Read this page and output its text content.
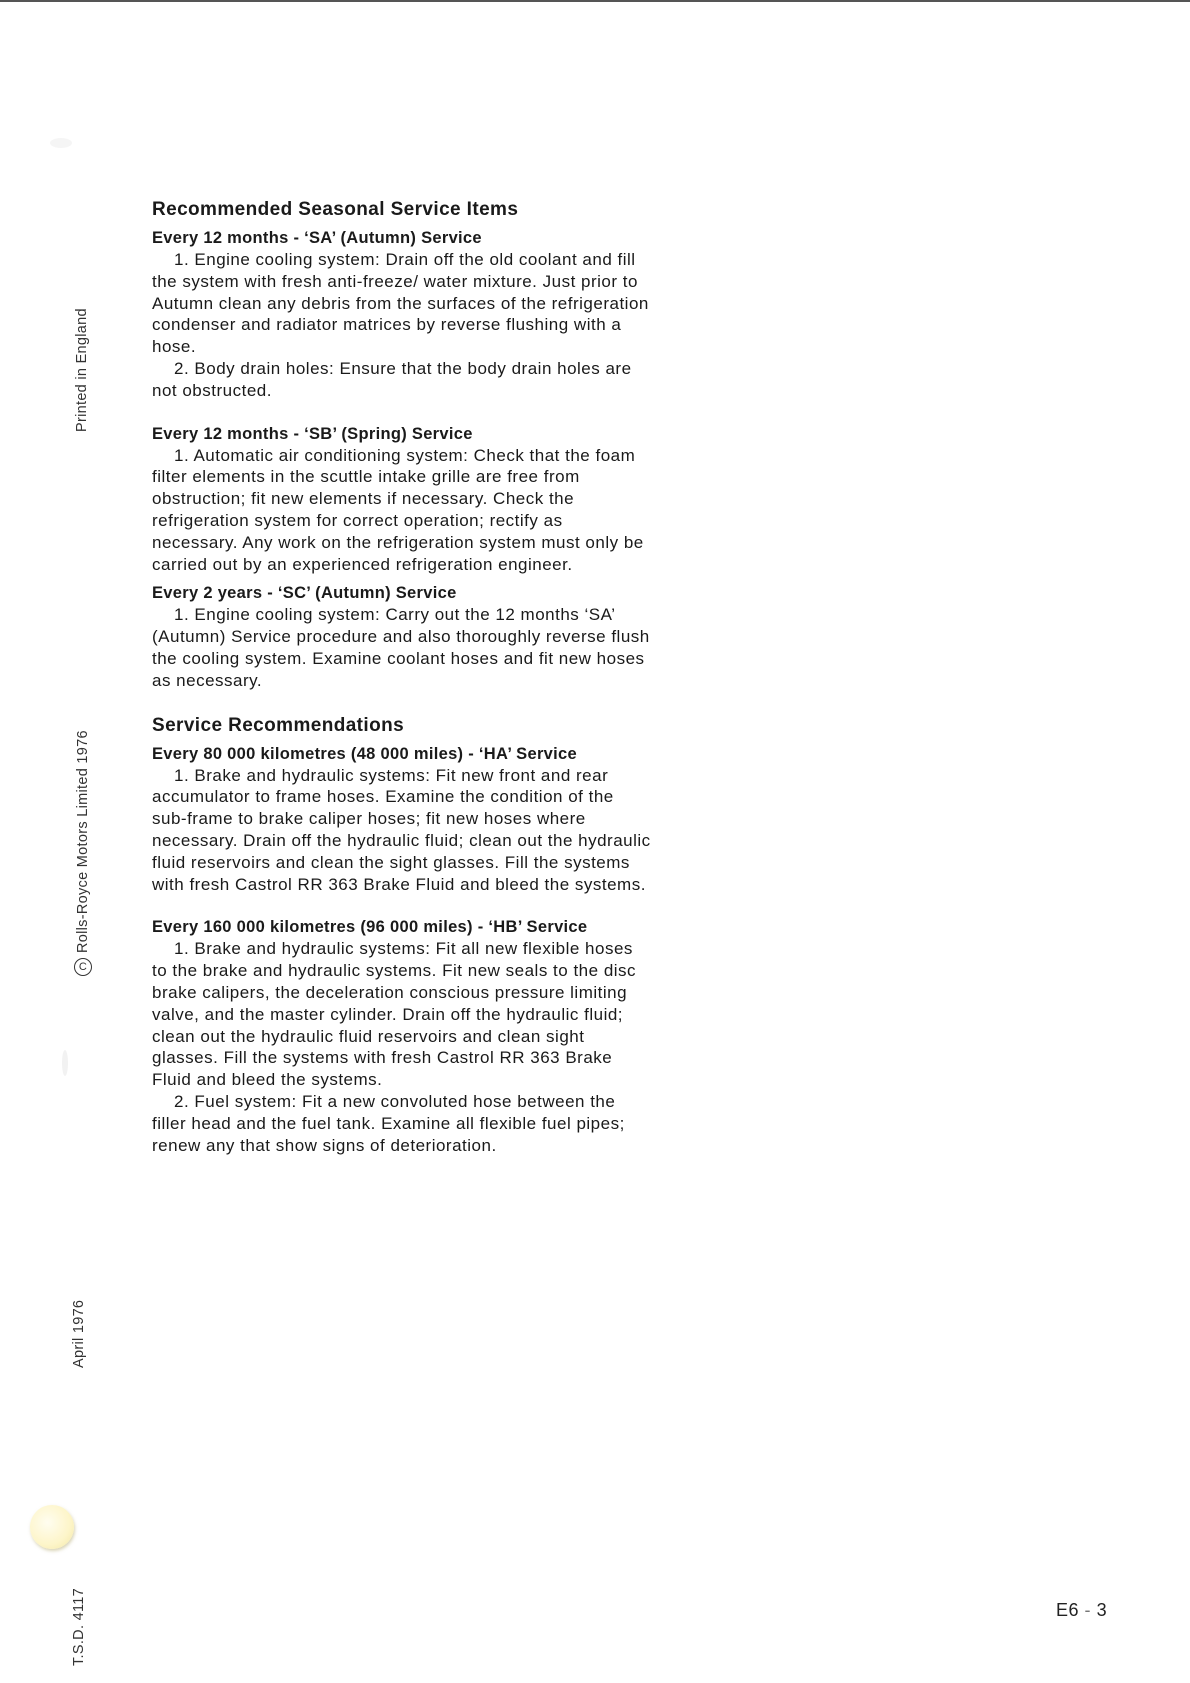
Printed in England
CRolls-Royce Motors Limited 1976
April 1976
T.S.D. 4117
Recommended Seasonal Service Items
Every 12 months - ‘SA’ (Autumn) Service

1. Engine cooling system: Drain off the old coolant and fill the system with fresh anti-freeze/ water mixture. Just prior to Autumn clean any debris from the surfaces of the refrigeration condenser and radiator matrices by reverse flushing with a hose.

2. Body drain holes: Ensure that the body drain holes are not obstructed.

Every 12 months - ‘SB’ (Spring) Service

1. Automatic air conditioning system: Check that the foam filter elements in the scuttle intake grille are free from obstruction; fit new elements if necessary. Check the refrigeration system for correct operation; rectify as necessary. Any work on the refrigeration system must only be carried out by an experienced refrigeration engineer.

Every 2 years - ‘SC’ (Autumn) Service

1. Engine cooling system: Carry out the 12 months ‘SA’ (Autumn) Service procedure and also thoroughly reverse flush the cooling system. Examine coolant hoses and fit new hoses as necessary.

Service Recommendations
Every 80 000 kilometres (48 000 miles) - ‘HA’ Service

1. Brake and hydraulic systems: Fit new front and rear accumulator to frame hoses. Examine the condition of the sub-frame to brake caliper hoses; fit new hoses where necessary. Drain off the hydraulic fluid; clean out the hydraulic fluid reservoirs and clean the sight glasses. Fill the systems with fresh Castrol RR 363 Brake Fluid and bleed the systems.

Every 160 000 kilometres (96 000 miles) - ‘HB’ Service

1. Brake and hydraulic systems: Fit all new flexible hoses to the brake and hydraulic systems. Fit new seals to the disc brake calipers, the deceleration conscious pressure limiting valve, and the master cylinder. Drain off the hydraulic fluid; clean out the hydraulic fluid reservoirs and clean sight glasses. Fill the systems with fresh Castrol RR 363 Brake Fluid and bleed the systems.

2. Fuel system: Fit a new convoluted hose between the filler head and the fuel tank. Examine all flexible fuel pipes; renew any that show signs of deterioration.

E6 - 3
